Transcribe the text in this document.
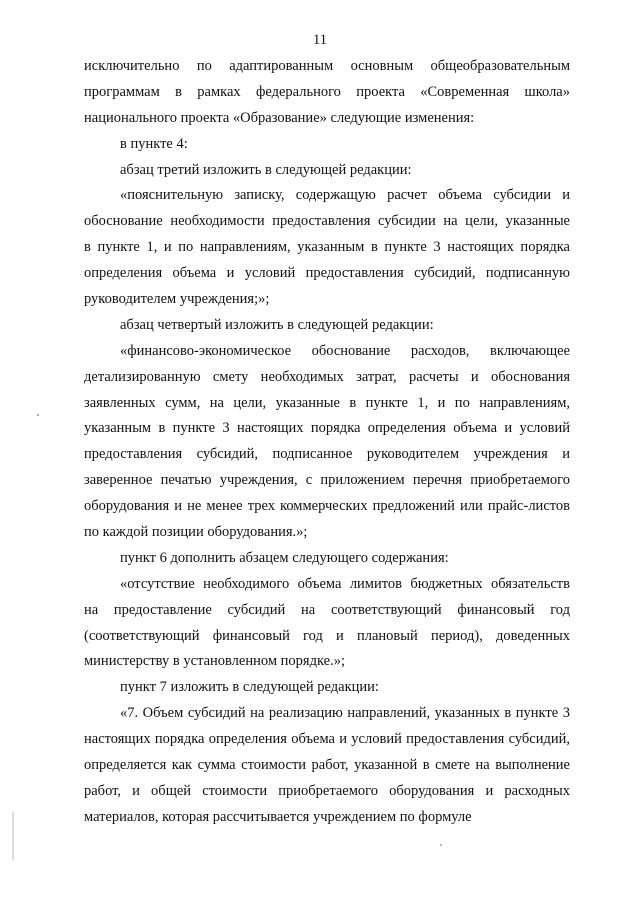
11

исключительно по адаптированным основным общеобразовательным
программам в рамках федерального проекта «Современная школа»
национального проекта «Образование» следующие изменения:

в пункте 4:

абзац третий изложить в следующей редакции:

«пояснительную записку, содержащую расчет объема субсидии и
обоснование необходимости предоставления субсидии на цели, указанные
в пункте 1, и по направлениям, указанным в пункте 3 настоящих порядка
определения объема и условий предоставления субсидий, подписанную
руководителем учреждения;»;

абзац четвертый изложить в следующей редакции:

«финансово-экономическое обоснование расходов, включающее
детализированную смету необходимых затрат, расчеты и обоснования
заявленных сумм, на цели, указанные в пункте 1, и по направлениям,
указанным в пункте 3 настоящих порядка определения объема и условий
предоставления субсидий, подписанное руководителем учреждения и
заверенное печатью учреждения, с приложением перечня приобретаемого
оборудования и не менее трех коммерческих предложений или прайс-листов
по каждой позиции оборудования.»;

пункт 6 дополнить абзацем следующего содержания:

«отсутствие необходимого объема лимитов бюджетных обязательств
на предоставление субсидий на соответствующий финансовый год
(соответствующий финансовый год и плановый период), доведенных
министерству в установленном порядке.»;

пункт 7 изложить в следующей редакции:

«7. Объем субсидий на реализацию направлений, указанных в пункте 3
настоящих порядка определения объема и условий предоставления субсидий,
определяется как сумма стоимости работ, указанной в смете на выполнение
работ, и общей стоимости приобретаемого оборудования и расходных
материалов, которая рассчитывается учреждением по формуле
